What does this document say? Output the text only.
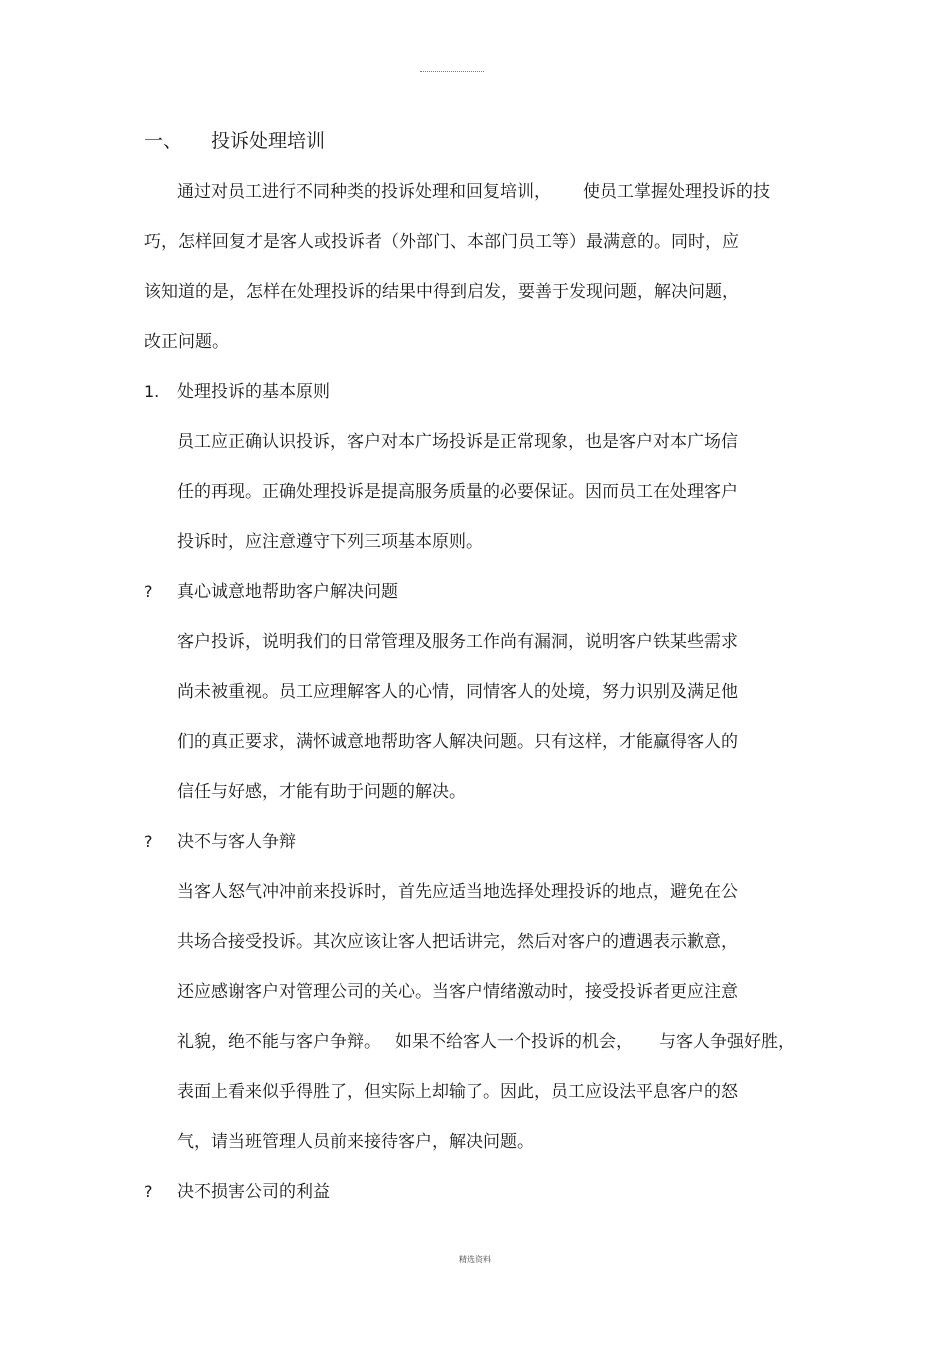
一、 投诉处理培训
通过对员工进行不同种类的投诉处理和回复培训， 使员工掌握处理投诉的技
巧，怎样回复才是客人或投诉者（外部门、本部门员工等）最满意的。同时，应
该知道的是，怎样在处理投诉的结果中得到启发，要善于发现问题，解决问题，
改正问题。
1. 处理投诉的基本原则
员工应正确认识投诉，客户对本广场投诉是正常现象，也是客户对本广场信
任的再现。正确处理投诉是提高服务质量的必要保证。因而员工在处理客户
投诉时，应注意遵守下列三项基本原则。
? 真心诚意地帮助客户解决问题
客户投诉，说明我们的日常管理及服务工作尚有漏洞，说明客户铁某些需求
尚未被重视。员工应理解客人的心情，同情客人的处境，努力识别及满足他
们的真正要求，满怀诚意地帮助客人解决问题。只有这样，才能赢得客人的
信任与好感，才能有助于问题的解决。
? 决不与客人争辩
当客人怒气冲冲前来投诉时，首先应适当地选择处理投诉的地点，避免在公
共场合接受投诉。其次应该让客人把话讲完，然后对客户的遭遇表示歉意，
还应感谢客户对管理公司的关心。当客户情绪激动时，接受投诉者更应注意
礼貌，绝不能与客户争辩。 如果不给客人一个投诉的机会， 与客人争强好胜，
表面上看来似乎得胜了，但实际上却输了。因此，员工应设法平息客户的怒
气，请当班管理人员前来接待客户，解决问题。
? 决不损害公司的利益
精选资料
